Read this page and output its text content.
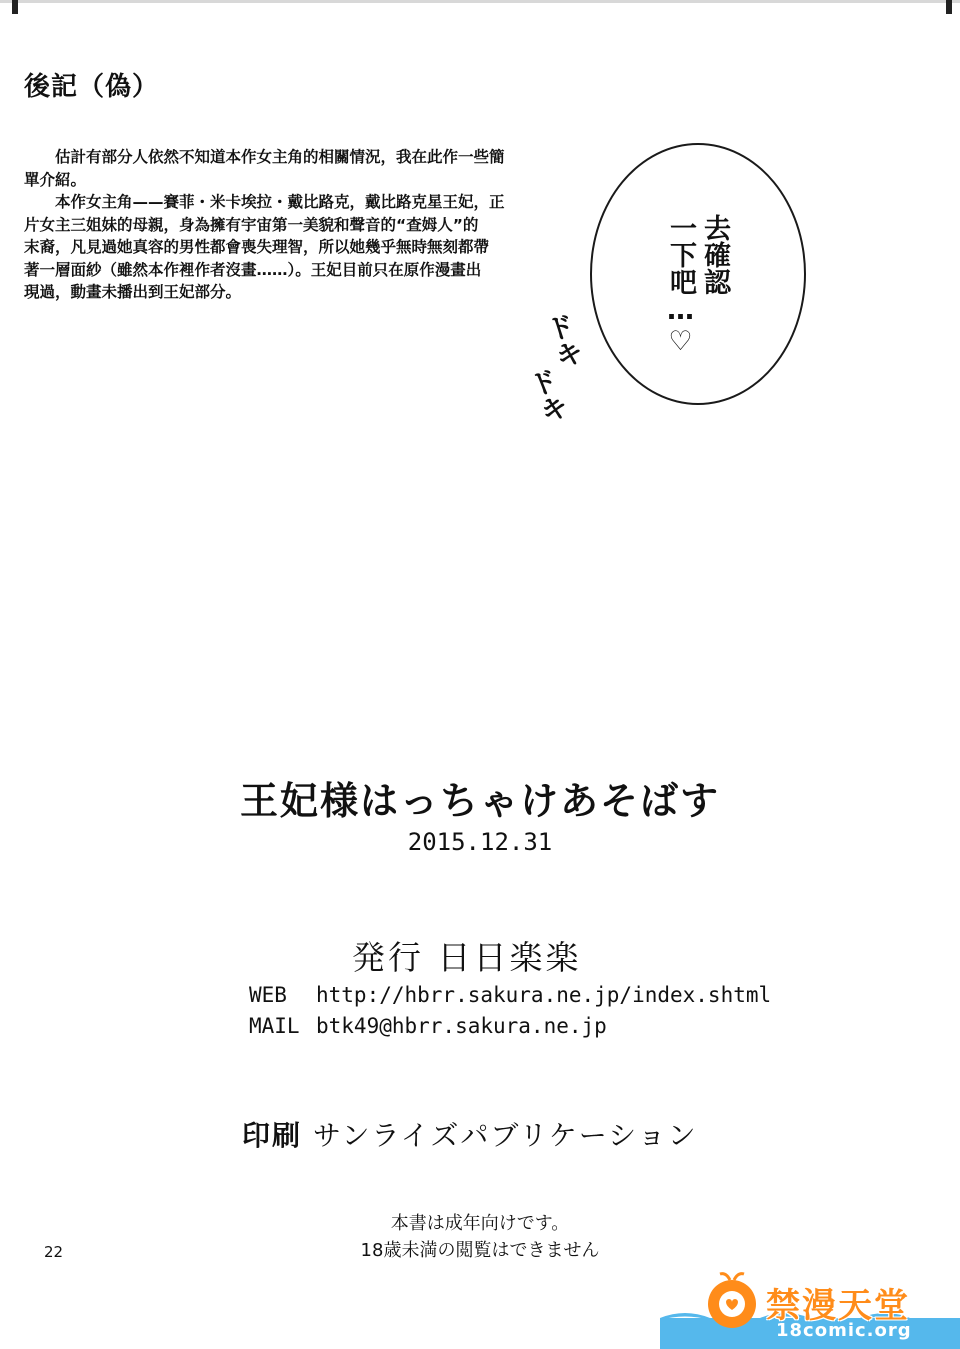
後記（偽）
　　估計有部分人依然不知道本作女主角的相關情況，我在此作一些簡
單介紹。
　　本作女主角——賽菲・米卡埃拉・戴比路克，戴比路克星王妃，正
片女主三姐妹的母親，身為擁有宇宙第一美貌和聲音的“查姆人”的
末裔，凡見過她真容的男性都會喪失理智，所以她幾乎無時無刻都帶
著一層面紗（雖然本作裡作者沒畫……）。王妃目前只在原作漫畫出
現過，動畫未播出到王妃部分。	去確認
一下吧…♡
ドキ
ドキ
王妃様はっちゃけあそばす
2015.12.31
発行 日日楽楽
WEB http://hbrr.sakura.ne.jp/index.shtml
MAIL btk49@hbrr.sakura.ne.jp
印刷 サンライズパブリケーション
本書は成年向けです。
18歳未満の閲覧はできません
22
禁漫天堂
18comic.org
